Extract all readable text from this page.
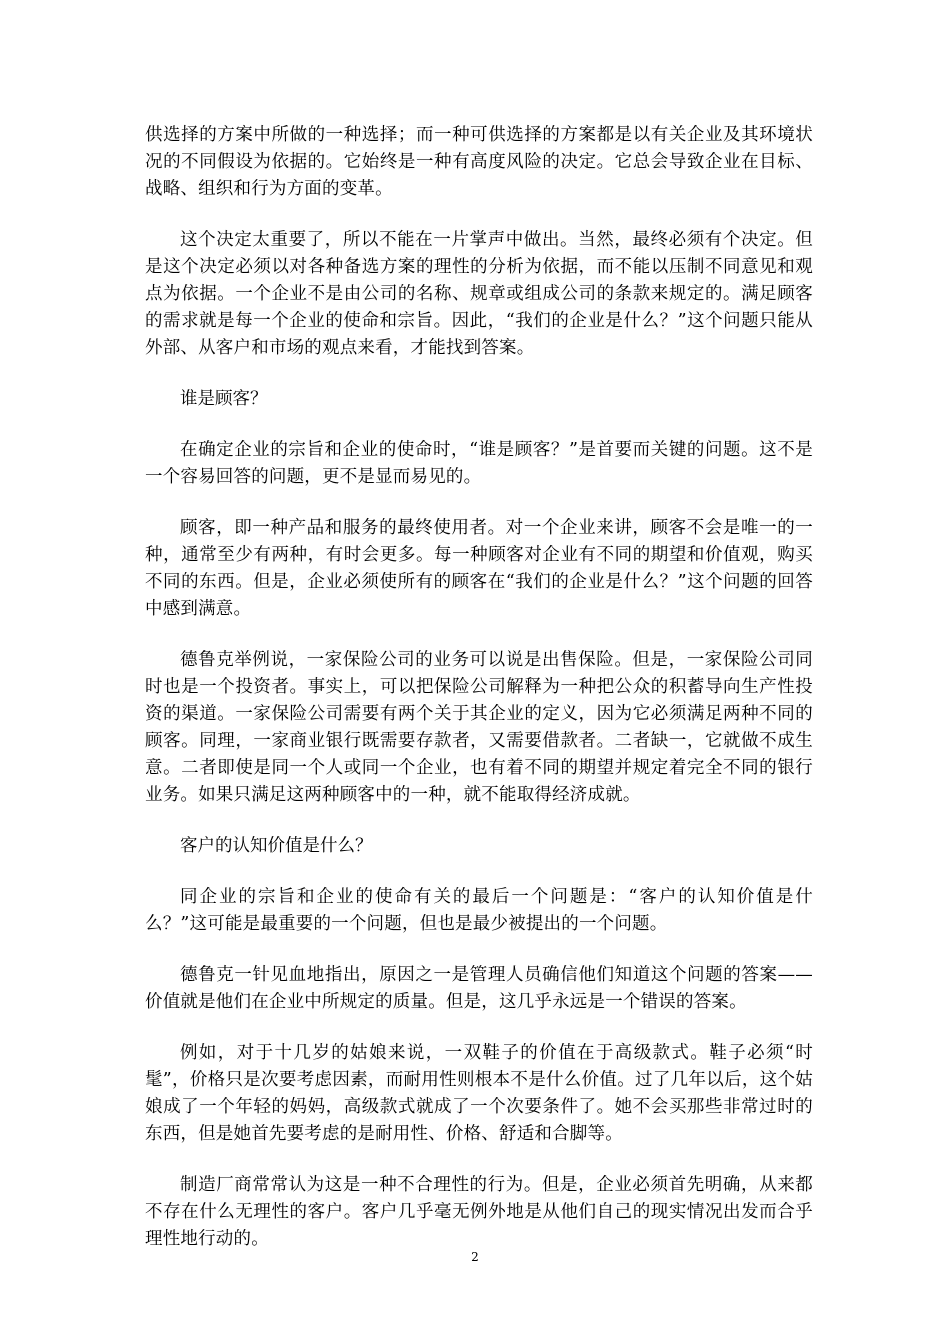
供选择的方案中所做的一种选择；而一种可供选择的方案都是以有关企业及其环境状况的不同假设为依据的。它始终是一种有高度风险的决定。它总会导致企业在目标、战略、组织和行为方面的变革。

这个决定太重要了，所以不能在一片掌声中做出。当然，最终必须有个决定。但是这个决定必须以对各种备选方案的理性的分析为依据，而不能以压制不同意见和观点为依据。一个企业不是由公司的名称、规章或组成公司的条款来规定的。满足顾客的需求就是每一个企业的使命和宗旨。因此，“我们的企业是什么？”这个问题只能从外部、从客户和市场的观点来看，才能找到答案。

谁是顾客？

在确定企业的宗旨和企业的使命时，“谁是顾客？”是首要而关键的问题。这不是一个容易回答的问题，更不是显而易见的。

顾客，即一种产品和服务的最终使用者。对一个企业来讲，顾客不会是唯一的一种，通常至少有两种，有时会更多。每一种顾客对企业有不同的期望和价值观，购买不同的东西。但是，企业必须使所有的顾客在“我们的企业是什么？”这个问题的回答中感到满意。

德鲁克举例说，一家保险公司的业务可以说是出售保险。但是，一家保险公司同时也是一个投资者。事实上，可以把保险公司解释为一种把公众的积蓄导向生产性投资的渠道。一家保险公司需要有两个关于其企业的定义，因为它必须满足两种不同的顾客。同理，一家商业银行既需要存款者，又需要借款者。二者缺一，它就做不成生意。二者即使是同一个人或同一个企业，也有着不同的期望并规定着完全不同的银行业务。如果只满足这两种顾客中的一种，就不能取得经济成就。

客户的认知价值是什么？

同企业的宗旨和企业的使命有关的最后一个问题是：“客户的认知价值是什么？”这可能是最重要的一个问题，但也是最少被提出的一个问题。

德鲁克一针见血地指出，原因之一是管理人员确信他们知道这个问题的答案——价值就是他们在企业中所规定的质量。但是，这几乎永远是一个错误的答案。

例如，对于十几岁的姑娘来说，一双鞋子的价值在于高级款式。鞋子必须“时髦”，价格只是次要考虑因素，而耐用性则根本不是什么价值。过了几年以后，这个姑娘成了一个年轻的妈妈，高级款式就成了一个次要条件了。她不会买那些非常过时的东西，但是她首先要考虑的是耐用性、价格、舒适和合脚等。

制造厂商常常认为这是一种不合理性的行为。但是，企业必须首先明确，从来都不存在什么无理性的客户。客户几乎毫无例外地是从他们自己的现实情况出发而合乎理性地行动的。

2
